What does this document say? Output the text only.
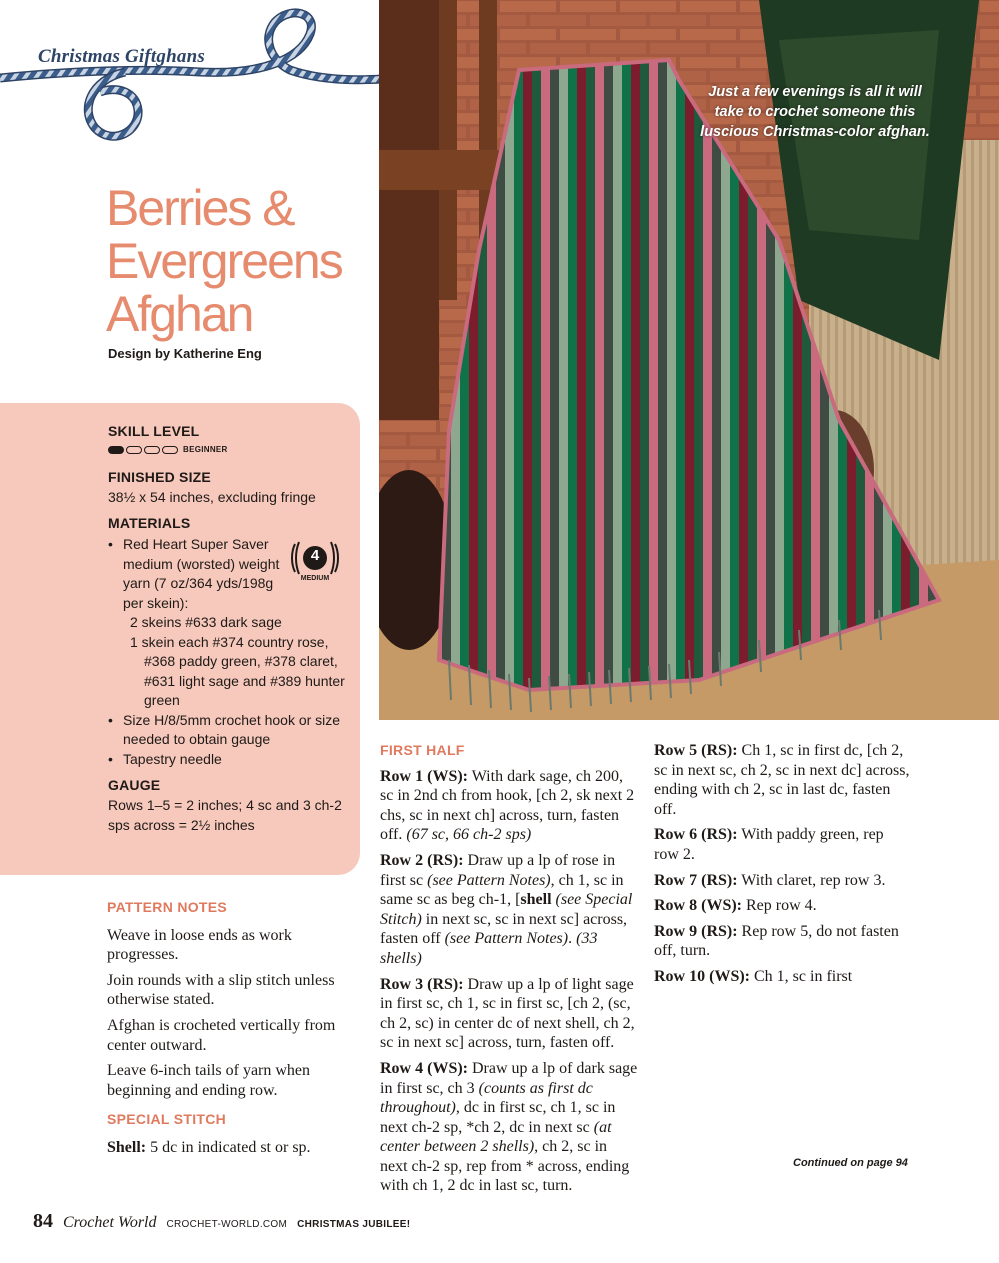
Christmas Giftghans
Just a few evenings is all it will take to crochet someone this luscious Christmas-color afghan.
Berries &
Evergreens
Afghan
Design by Katherine Eng
SKILL LEVEL
BEGINNER
FINISHED SIZE
38½ x 54 inches, excluding fringe
MATERIALS
• Red Heart Super Saver medium (worsted) weight yarn (7 oz/364 yds/198g per skein):
2 skeins #633 dark sage
1 skein each #374 country rose, #368 paddy green, #378 claret, #631 light sage and #389 hunter green
• Size H/8/5mm crochet hook or size needed to obtain gauge
• Tapestry needle
4
MEDIUM
GAUGE
Rows 1–5 = 2 inches; 4 sc and 3 ch-2 sps across = 2½ inches
PATTERN NOTES

Weave in loose ends as work progresses.

Join rounds with a slip stitch unless otherwise stated.

Afghan is crocheted vertically from center outward.

Leave 6-inch tails of yarn when beginning and ending row.

SPECIAL STITCH

Shell: 5 dc in indicated st or sp.

FIRST HALF

Row 1 (WS): With dark sage, ch 200, sc in 2nd ch from hook, [ch 2, sk next 2 chs, sc in next ch] across, turn, fasten off. (67 sc, 66 ch-2 sps)

Row 2 (RS): Draw up a lp of rose in first sc (see Pattern Notes), ch 1, sc in same sc as beg ch-1, [shell (see Special Stitch) in next sc, sc in next sc] across, fasten off (see Pattern Notes). (33 shells)

Row 3 (RS): Draw up a lp of light sage in first sc, ch 1, sc in first sc, [ch 2, (sc, ch 2, sc) in center dc of next shell, ch 2, sc in next sc] across, turn, fasten off.

Row 4 (WS): Draw up a lp of dark sage in first sc, ch 3 (counts as first dc throughout), dc in first sc, ch 1, sc in next ch-2 sp, *ch 2, dc in next sc (at center between 2 shells), ch 2, sc in next ch-2 sp, rep from * across, ending with ch 1, 2 dc in last sc, turn.

Row 5 (RS): Ch 1, sc in first dc, [ch 2, sc in next sc, ch 2, sc in next dc] across, ending with ch 2, sc in last dc, fasten off.

Row 6 (RS): With paddy green, rep row 2.

Row 7 (RS): With claret, rep row 3.

Row 8 (WS): Rep row 4.

Row 9 (RS): Rep row 5, do not fasten off, turn.

Row 10 (WS): Ch 1, sc in first

Continued on page 94
84 Crochet World CROCHET-WORLD.COM CHRISTMAS JUBILEE!
